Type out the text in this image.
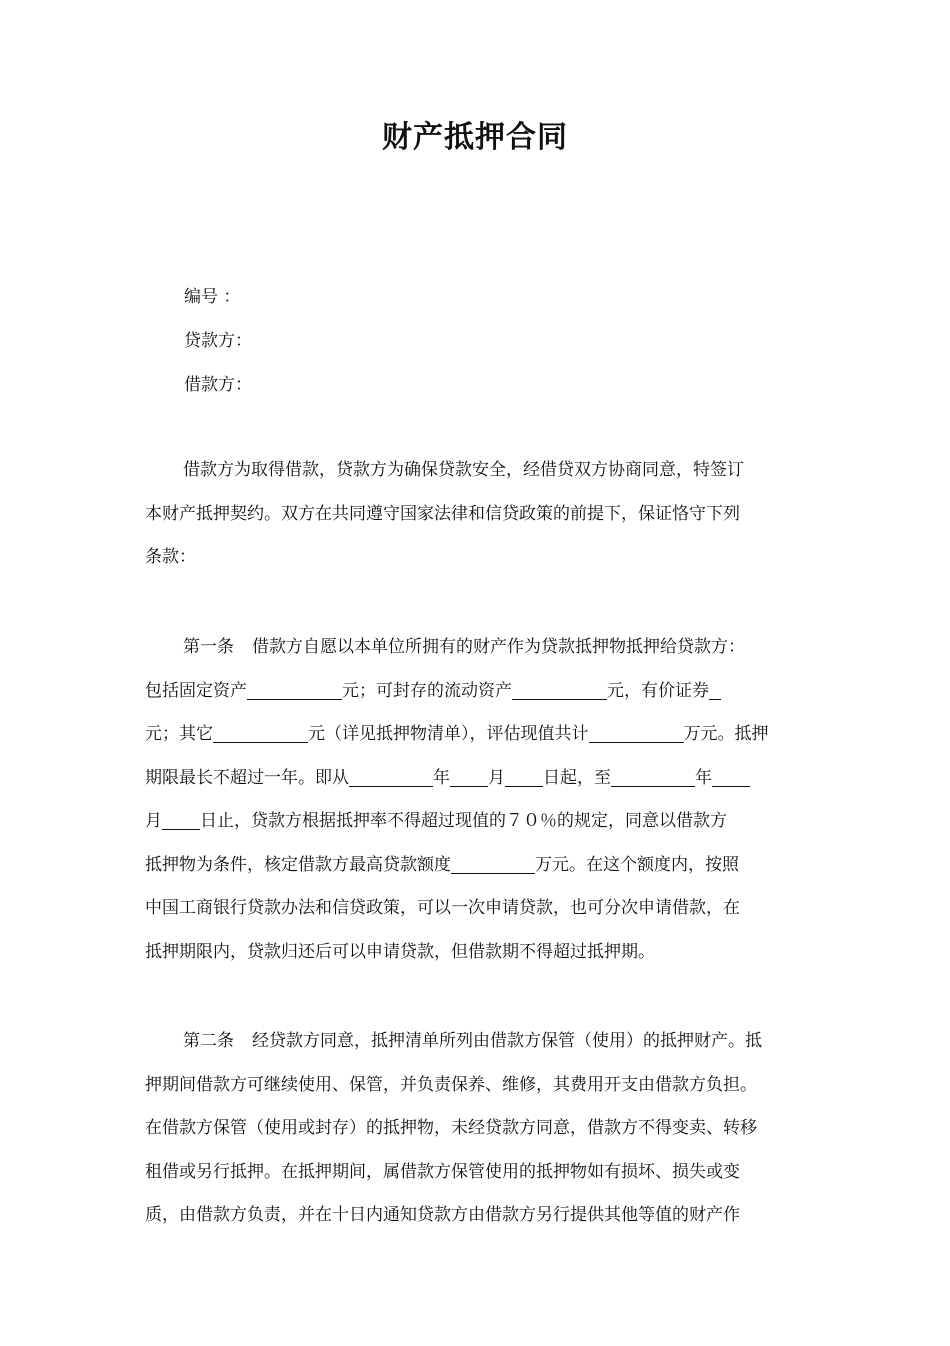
财产抵押合同
编号 ：
贷款方：
借款方：
借款方为取得借款，贷款方为确保贷款安全，经借贷双方协商同意，特签订
本财产抵押契约。双方在共同遵守国家法律和信贷政策的前提下，保证恪守下列
条款：
第一条 借款方自愿以本单位所拥有的财产作为贷款抵押物抵押给贷款方：
包括固定资产	元；可封存的流动资产	元，有价证券
元；其它	元（详见抵押物清单），评估现值共计	万元。抵押
期限最长不超过一年。即从	年 月 日起，至	年
月 日止，贷款方根据抵押率不得超过现值的７０％的规定，同意以借款方
抵押物为条件，核定借款方最高贷款额度	万元。在这个额度内，按照
中国工商银行贷款办法和信贷政策，可以一次申请贷款，也可分次申请借款，在
抵押期限内，贷款归还后可以申请贷款，但借款期不得超过抵押期。
第二条 经贷款方同意，抵押清单所列由借款方保管（使用）的抵押财产。抵
押期间借款方可继续使用、保管，并负责保养、维修，其费用开支由借款方负担。
在借款方保管（使用或封存）的抵押物，未经贷款方同意，借款方不得变卖、转移
租借或另行抵押。在抵押期间，属借款方保管使用的抵押物如有损坏、损失或变
质，由借款方负责，并在十日内通知贷款方由借款方另行提供其他等值的财产作
